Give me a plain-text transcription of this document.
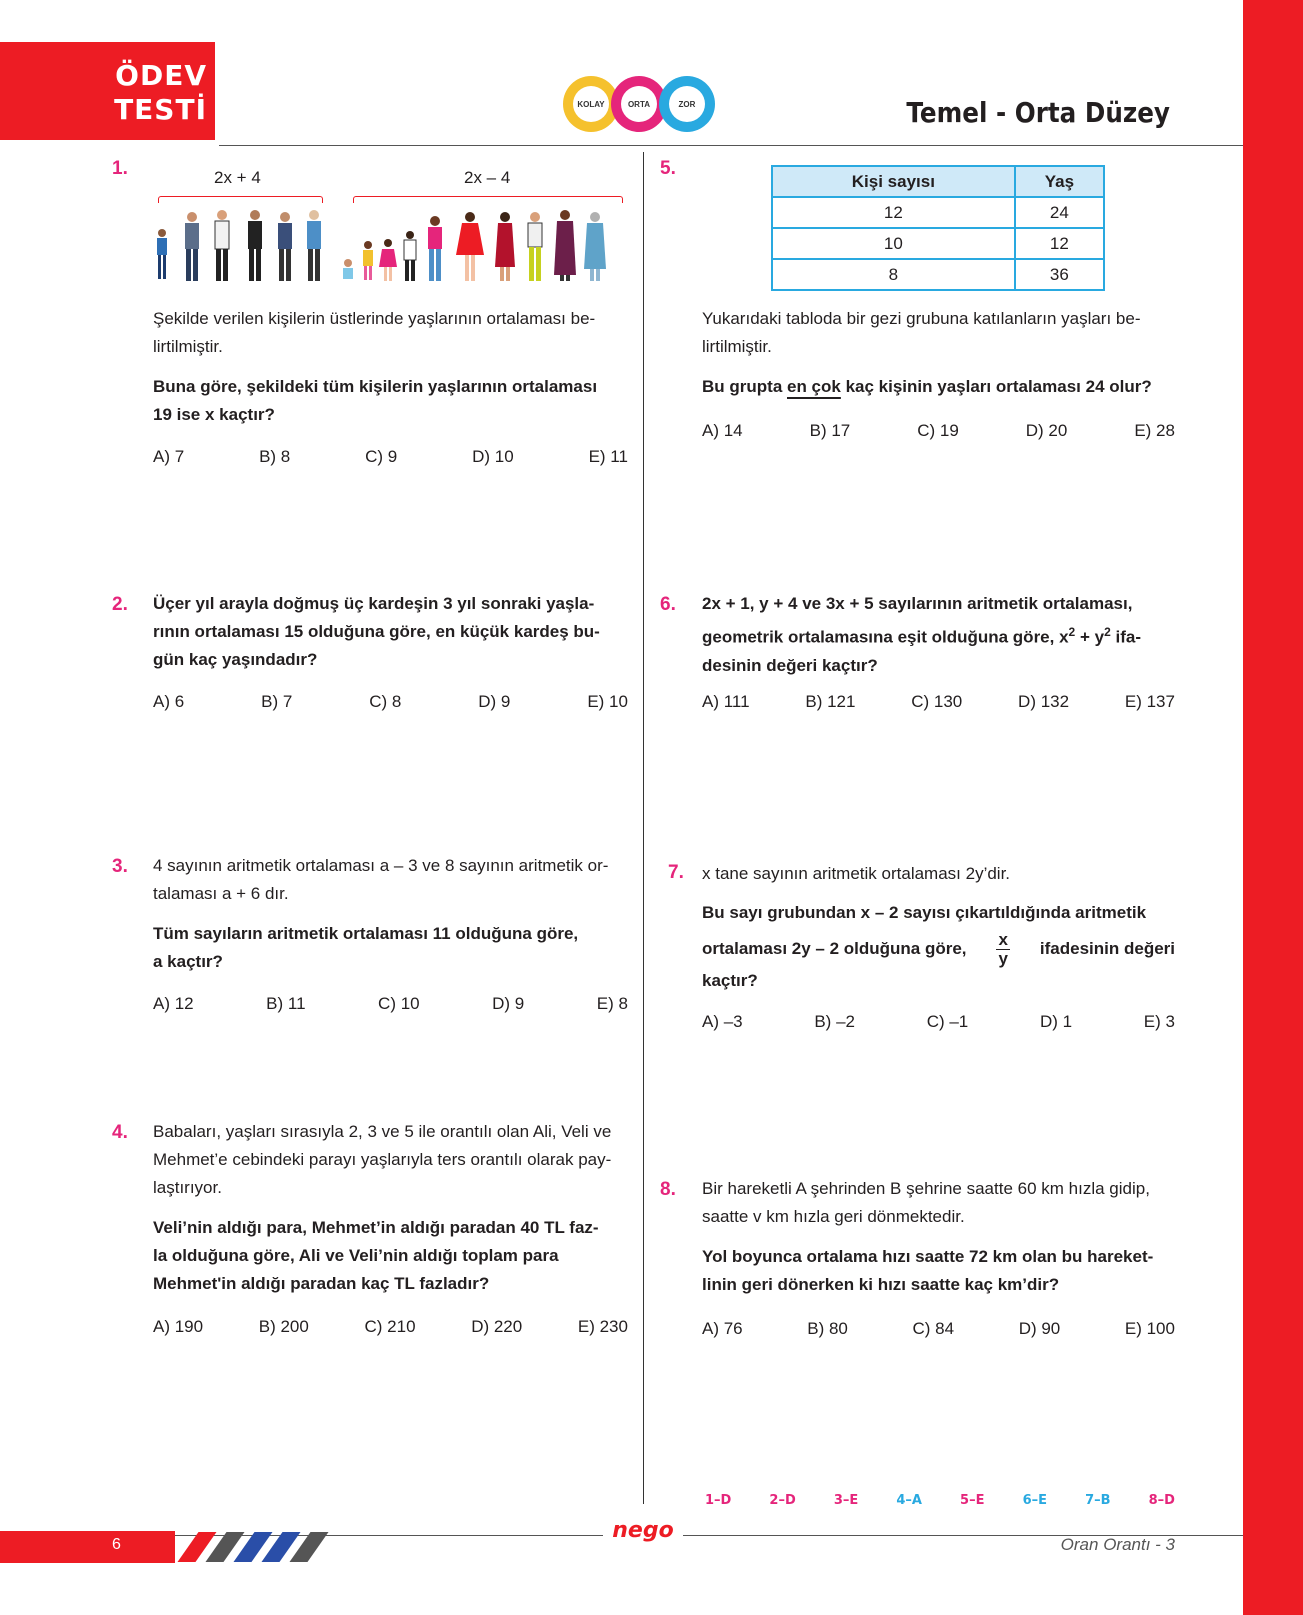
ÖDEV
TESTİ	KOLAY	ORTA	ZOR	Temel - Orta Düzey
1.	2x + 4	2x – 4
Şekilde verilen kişilerin üstlerinde yaşlarının ortalaması be-
lirtilmiştir.
Buna göre, şekildeki tüm kişilerin yaşlarının ortalaması
19 ise x kaçtır?
A) 7	B) 8	C) 9	D) 10	E) 11
2. Üçer yıl arayla doğmuş üç kardeşin 3 yıl sonraki yaşla-
rının ortalaması 15 olduğuna göre, en küçük kardeş bu-
gün kaç yaşındadır?
A) 6	B) 7	C) 8	D) 9	E) 10
3. 4 sayının aritmetik ortalaması a – 3 ve 8 sayının aritmetik or-
talaması a + 6 dır.
Tüm sayıların aritmetik ortalaması 11 olduğuna göre,
a kaçtır?
A) 12	B) 11	C) 10	D) 9	E) 8
4. Babaları, yaşları sırasıyla 2, 3 ve 5 ile orantılı olan Ali, Veli ve
Mehmet’e cebindeki parayı yaşlarıyla ters orantılı olarak pay-
laştırıyor.
Veli’nin aldığı para, Mehmet’in aldığı paradan 40 TL faz-
la olduğuna göre, Ali ve Veli’nin aldığı toplam para
Mehmet'in aldığı paradan kaç TL fazladır?
A) 190	B) 200	C) 210	D) 220	E) 230
5.
Kişi sayısı	Yaş
12	24
10	12
8	36
Yukarıdaki tabloda bir gezi grubuna katılanların yaşları be-
lirtilmiştir.
Bu grupta en çok kaç kişinin yaşları ortalaması 24 olur?
A) 14	B) 17	C) 19	D) 20	E) 28
6. 2x + 1, y + 4 ve 3x + 5 sayılarının aritmetik ortalaması,
geometrik ortalamasına eşit olduğuna göre, $x^2 + y^2$ ifa-
desinin değeri kaçtır?
A) 111	B) 121	C) 130	D) 132	E) 137
7. x tane sayının aritmetik ortalaması 2y’dir.
Bu sayı grubundan x – 2 sayısı çıkartıldığında aritmetik
ortalaması 2y – 2 olduğuna göre, $\frac{x}{y}$ ifadesinin değeri
kaçtır?
A) –3	B) –2	C) –1	D) 1	E) 3
8. Bir hareketli A şehrinden B şehrine saatte 60 km hızla gidip,
saatte v km hızla geri dönmektedir.
Yol boyunca ortalama hızı saatte 72 km olan bu hareket-
linin geri dönerken ki hızı saatte kaç km’dir?
A) 76	B) 80	C) 84	D) 90	E) 100
1–D	2–D	3–E	4–A	5–E	6–E	7–B	8–D
6
nego
Oran Orantı - 3
